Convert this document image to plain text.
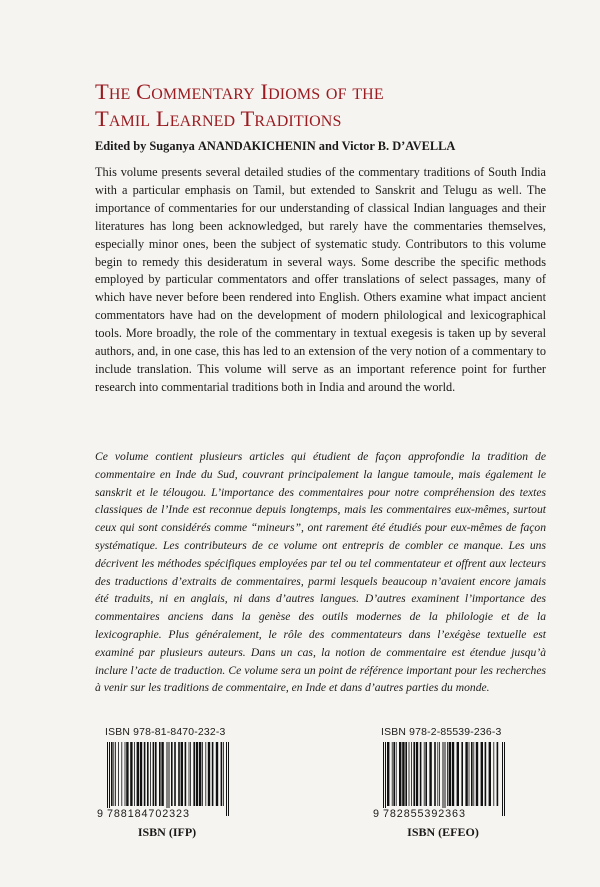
The Commentary Idioms of the
Tamil Learned Traditions
Edited by Suganya ANANDAKICHENIN and Victor B. D’AVELLA

This volume presents several detailed studies of the commentary traditions of South India with a particular emphasis on Tamil, but extended to Sanskrit and Telugu as well. The importance of commentaries for our understanding of classical Indian languages and their literatures has long been acknowledged, but rarely have the commentaries themselves, especially minor ones, been the subject of systematic study. Contributors to this volume begin to remedy this desideratum in several ways. Some describe the specific methods employed by particular commentators and offer translations of select passages, many of which have never before been rendered into English. Others examine what impact ancient commentators have had on the development of modern philological and lexicographical tools. More broadly, the role of the commentary in textual exegesis is taken up by several authors, and, in one case, this has led to an extension of the very notion of a commentary to include translation. This volume will serve as an important reference point for further research into commentarial traditions both in India and around the world.

Ce volume contient plusieurs articles qui étudient de façon approfondie la tradition de commentaire en Inde du Sud, couvrant principalement la langue tamoule, mais également le sanskrit et le télougou. L’importance des commentaires pour notre compréhension des textes classiques de l’Inde est reconnue depuis longtemps, mais les commentaires eux-mêmes, surtout ceux qui sont considérés comme “mineurs”, ont rarement été étudiés pour eux-mêmes de façon systématique. Les contributeurs de ce volume ont entrepris de combler ce manque. Les uns décrivent les méthodes spécifiques employées par tel ou tel commentateur et offrent aux lecteurs des traductions d’extraits de commentaires, parmi lesquels beaucoup n’avaient encore jamais été traduits, ni en anglais, ni dans d’autres langues. D’autres examinent l’importance des commentaires anciens dans la genèse des outils modernes de la philologie et de la lexicographie. Plus généralement, le rôle des commentateurs dans l’exégèse textuelle est examiné par plusieurs auteurs. Dans un cas, la notion de commentaire est étendue jusqu’à inclure l’acte de traduction. Ce volume sera un point de référence important pour les recherches à venir sur les traditions de commentaire, en Inde et dans d’autres parties du monde.

ISBN 978-81-8470-232-3
9 788184702323
ISBN (IFP)
ISBN 978-2-85539-236-3
9 782855392363
ISBN (EFEO)
